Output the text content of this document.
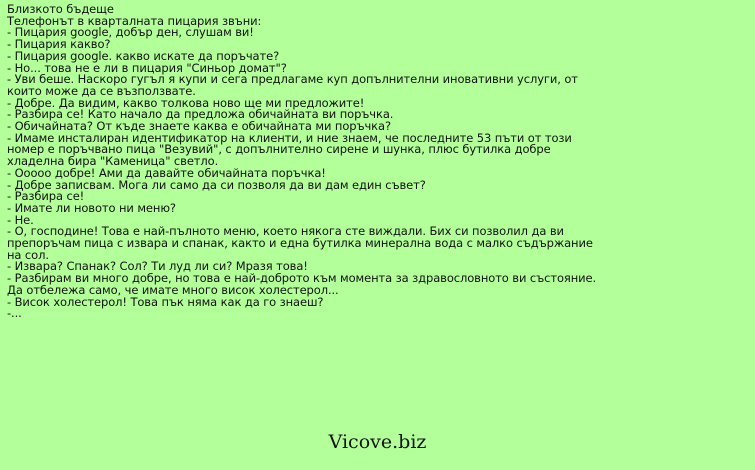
Близкото бъдеще
Телефонът в кварталната пицария звъни:
- Пицария google, добър ден, слушам ви!
- Пицария какво?
- Пицария google. какво искате да поръчате?
- Но... това не е ли в пицария "Синьор домат"?
- Уви беше. Наскоро гугъл я купи и сега предлагаме куп допълнителни иновативни услуги, от
които може да се възползвате.
- Добре. Да видим, какво толкова ново ще ми предложите!
- Разбира се! Като начало да предложа обичайната ви поръчка.
- Обичайната? От къде знаете каква е обичайната ми поръчка?
- Имаме инсталиран идентификатор на клиенти, и ние знаем, че последните 53 пъти от този
номер е поръчвано пица "Везувий", с допълнително сирене и шунка, плюс бутилка добре
хладелна бира "Каменица" светло.
- Ооооо добре! Ами да давайте обичайната поръчка!
- Добре записвам. Мога ли само да си позволя да ви дам един съвет?
- Разбира се!
- Имате ли новото ни меню?
- Не.
- О, господине! Това е най-пълното меню, което някога сте виждали. Бих си позволил да ви
препоръчам пица с изварa и спанак, както и една бутилка минерална вода с малко съдържание
на сол.
- Извара? Спанак? Сол? Ти луд ли си? Мразя това!
- Разбирам ви много добре, но това е най-доброто към момента за здравословното ви състояние.
Да отбележа само, че имате много висок холестерол...
- Висок холестерол! Това пък няма как да го знаеш?
-...
Vicove.biz
